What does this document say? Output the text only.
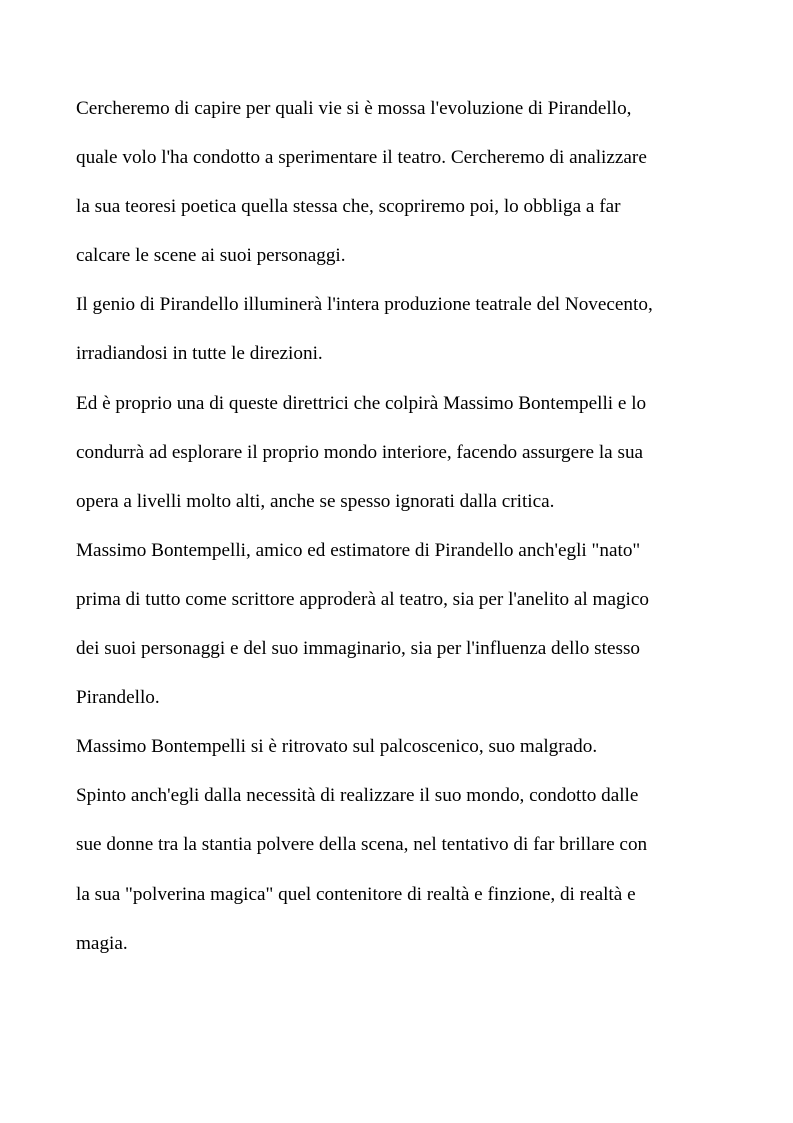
Cercheremo di capire per quali vie si è mossa l'evoluzione di Pirandello,
quale volo l'ha condotto a sperimentare il teatro. Cercheremo di analizzare
la sua teoresi poetica quella stessa che, scopriremo poi, lo obbliga a far
calcare le scene ai suoi personaggi.
Il genio di Pirandello illuminerà l'intera produzione teatrale del Novecento,
irradiandosi in tutte le direzioni.
Ed è proprio una di queste direttrici che colpirà Massimo Bontempelli e lo
condurrà ad esplorare il proprio mondo interiore, facendo assurgere la sua
opera a livelli molto alti, anche se spesso ignorati dalla critica.
Massimo Bontempelli, amico ed estimatore di Pirandello anch'egli "nato"
prima di tutto come scrittore approderà al teatro, sia per l'anelito al magico
dei suoi personaggi e del suo immaginario, sia per l'influenza dello stesso
Pirandello.
Massimo Bontempelli si è ritrovato sul palcoscenico, suo malgrado.
Spinto anch'egli dalla necessità di realizzare il suo mondo, condotto dalle
sue donne tra la stantia polvere della scena, nel tentativo di far brillare con
la sua "polverina magica" quel contenitore di realtà e finzione, di realtà e
magia.
